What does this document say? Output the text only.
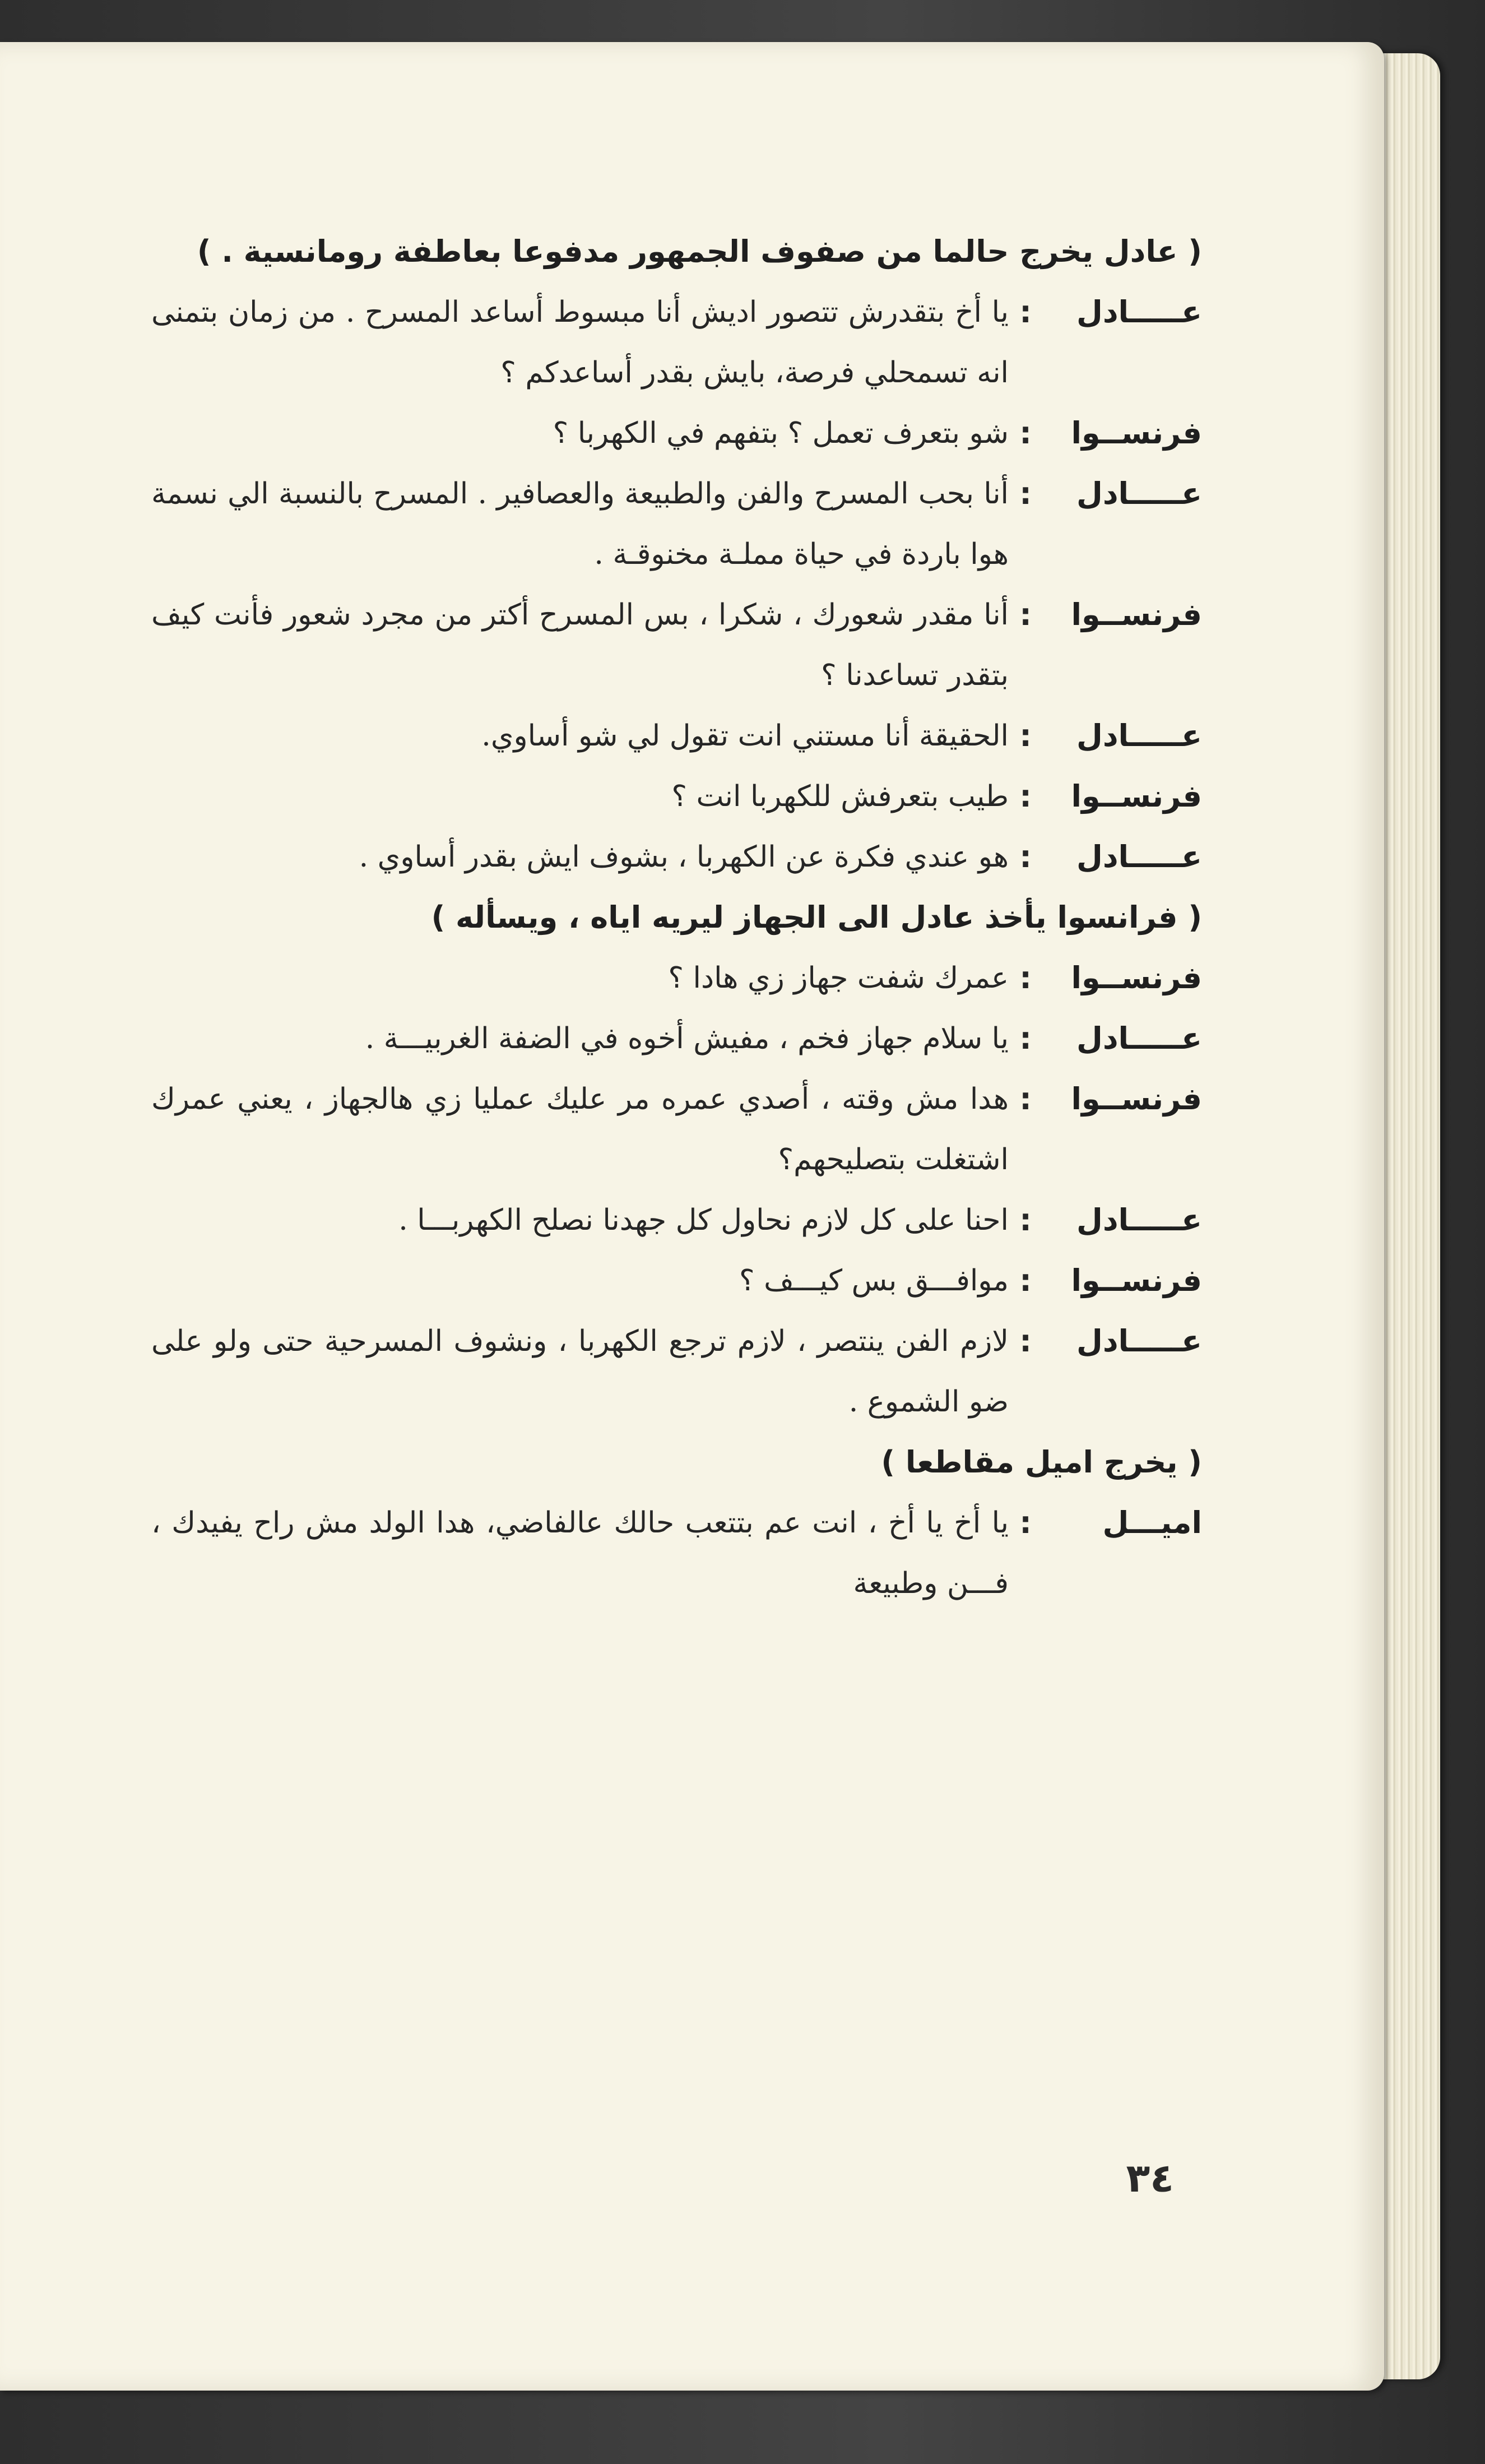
( عادل يخرج حالما من صفوف الجمهور مدفوعا بعاطفة رومانسية . )
عـــــادل
:
يا أخ بتقدرش تتصور اديش أنا مبسوط أساعد المسرح . من زمان بتمنى انه تسمحلي فرصة، بايش بقدر أساعدكم ؟
فرنســوا
:
شو بتعرف تعمل ؟ بتفهم في الكهربا ؟
عـــــادل
:
أنا بحب المسرح والفن والطبيعة والعصافير . المسرح بالنسبة الي نسمة هوا باردة في حياة مملـة مخنوقـة .
فرنســوا
:
أنا مقدر شعورك ، شكرا ، بس المسرح أكتر من مجرد شعور فأنت كيف بتقدر تساعدنا ؟
عـــــادل
:
الحقيقة أنا مستني انت تقول لي شو أساوي.
فرنســوا
:
طيب بتعرفش للكهربا انت ؟
عـــــادل
:
هو عندي فكرة عن الكهربا ، بشوف ايش بقدر أساوي .
( فرانسوا يأخذ عادل الى الجهاز ليريه اياه ، ويسأله )
فرنســوا
:
عمرك شفت جهاز زي هادا ؟
عـــــادل
:
يا سلام جهاز فخم ، مفيش أخوه في الضفة الغربيـــة .
فرنســوا
:
هدا مش وقته ، أصدي عمره مر عليك عمليا زي هالجهاز ، يعني عمرك اشتغلت بتصليحهم؟
عـــــادل
:
احنا على كل لازم نحاول كل جهدنا نصلح الكهربـــا .
فرنســوا
:
موافـــق بس كيـــف ؟
عـــــادل
:
لازم الفن ينتصر ، لازم ترجع الكهربا ، ونشوف المسرحية حتى ولو على ضو الشموع .
( يخرج اميل مقاطعا )
اميـــل
:
يا أخ يا أخ ، انت عم بتتعب حالك عالفاضي، هدا الولد مش راح يفيدك ، فـــن وطبيعة
٣٤
